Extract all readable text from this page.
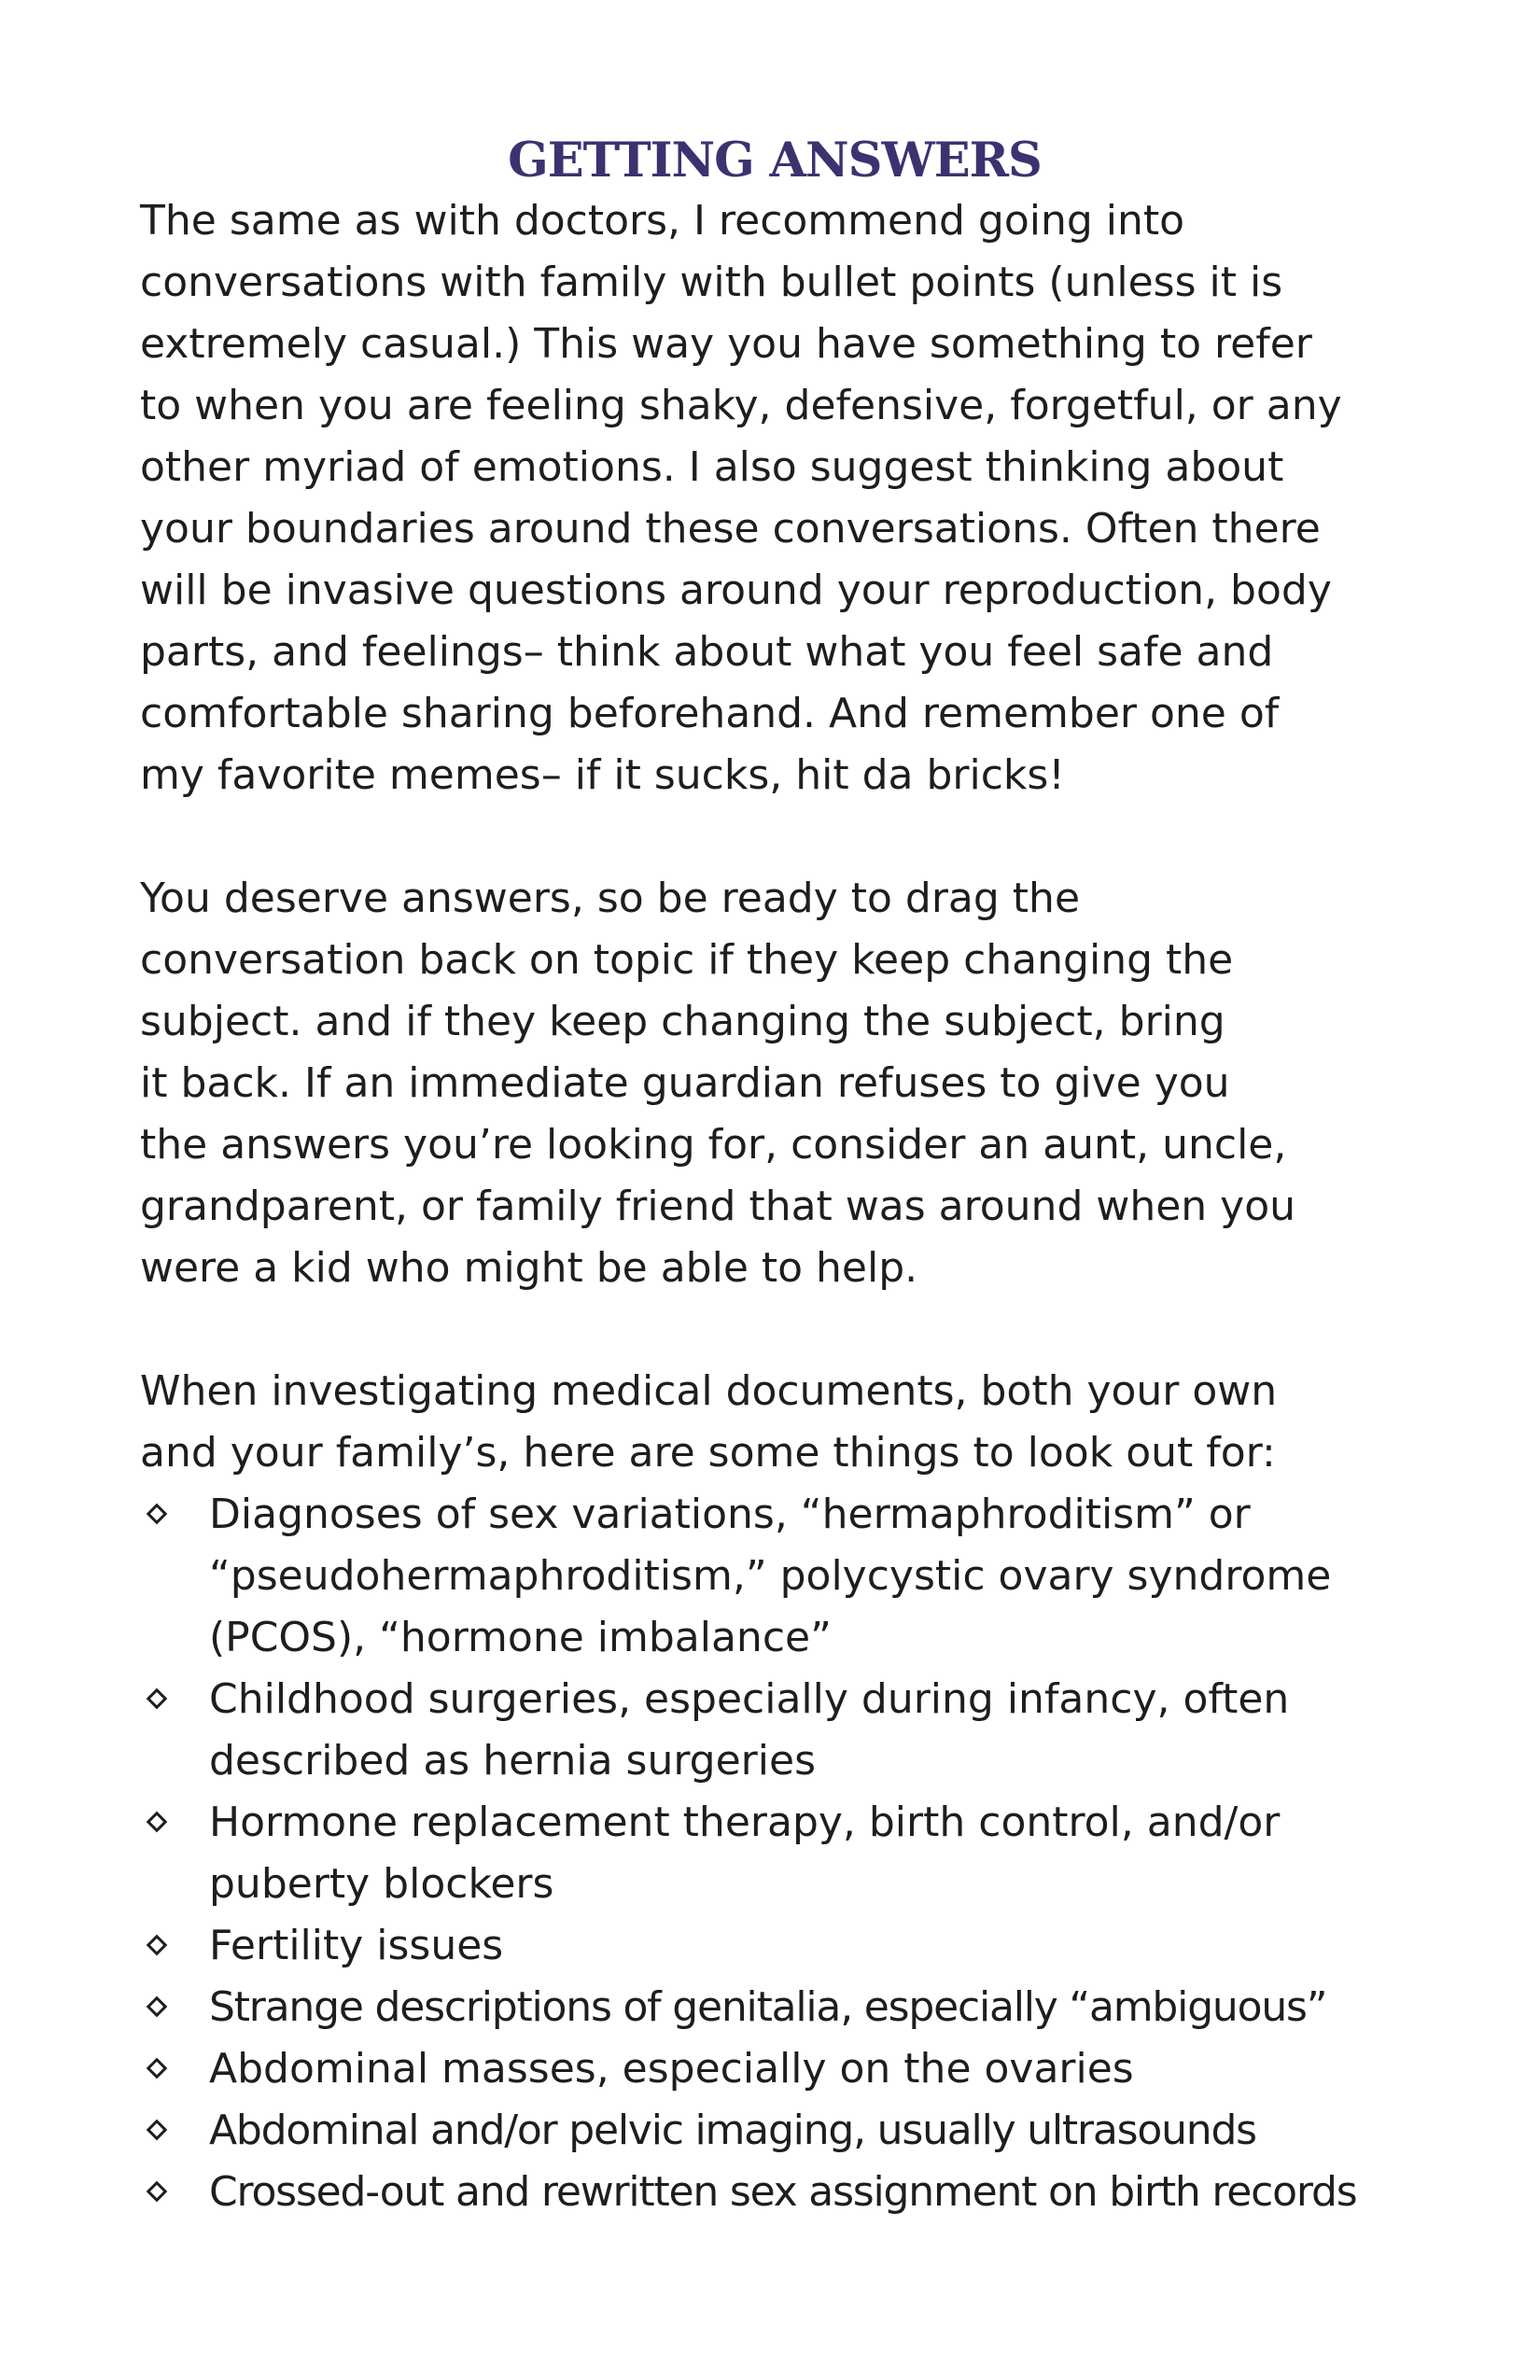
GETTING ANSWERS
The same as with doctors, I recommend going into
conversations with family with bullet points (unless it is
extremely casual.) This way you have something to refer
to when you are feeling shaky, defensive, forgetful, or any
other myriad of emotions. I also suggest thinking about
your boundaries around these conversations. Often there
will be invasive questions around your reproduction, body
parts, and feelings– think about what you feel safe and
comfortable sharing beforehand. And remember one of
my favorite memes– if it sucks, hit da bricks!
You deserve answers, so be ready to drag the
conversation back on topic if they keep changing the
subject. and if they keep changing the subject, bring
it back. If an immediate guardian refuses to give you
the answers you’re looking for, consider an aunt, uncle,
grandparent, or family friend that was around when you
were a kid who might be able to help.
When investigating medical documents, both your own
and your family’s, here are some things to look out for:
Diagnoses of sex variations, “hermaphroditism” or
“pseudohermaphroditism,” polycystic ovary syndrome
(PCOS), “hormone imbalance”
Childhood surgeries, especially during infancy, often
described as hernia surgeries
Hormone replacement therapy, birth control, and/or
puberty blockers
Fertility issues
Strange descriptions of genitalia, especially “ambiguous”
Abdominal masses, especially on the ovaries
Abdominal and/or pelvic imaging, usually ultrasounds
Crossed-out and rewritten sex assignment on birth records
